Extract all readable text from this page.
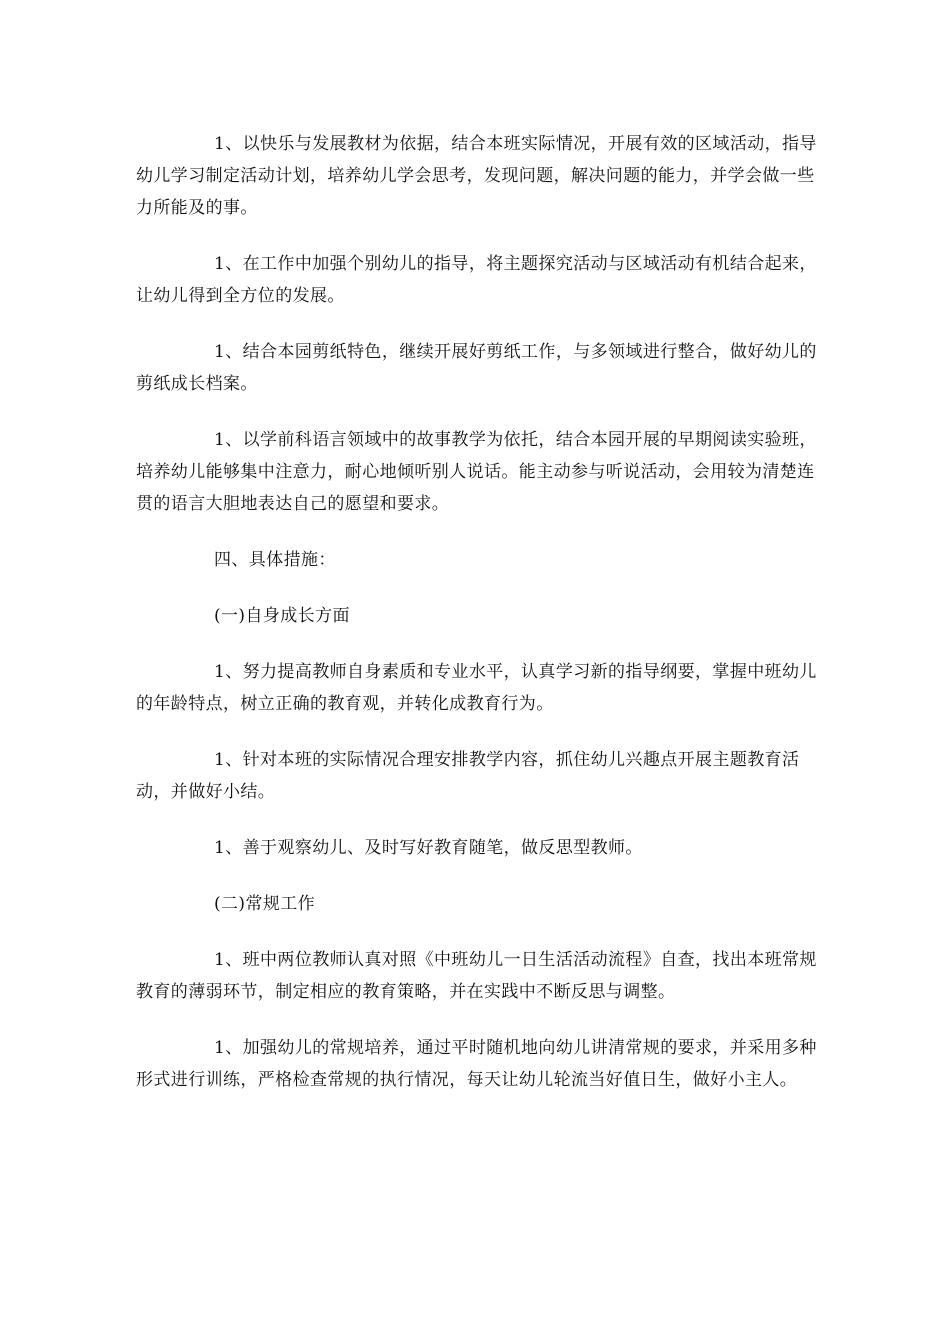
1、以快乐与发展教材为依据，结合本班实际情况，开展有效的区域活动，指导幼儿学习制定活动计划，培养幼儿学会思考，发现问题，解决问题的能力，并学会做一些力所能及的事。

1、在工作中加强个别幼儿的指导，将主题探究活动与区域活动有机结合起来，让幼儿得到全方位的发展。

1、结合本园剪纸特色，继续开展好剪纸工作，与多领域进行整合，做好幼儿的剪纸成长档案。

1、以学前科语言领域中的故事教学为依托，结合本园开展的早期阅读实验班，培养幼儿能够集中注意力，耐心地倾听别人说话。能主动参与听说活动，会用较为清楚连贯的语言大胆地表达自己的愿望和要求。

四、具体措施：

(一)自身成长方面

1、努力提高教师自身素质和专业水平，认真学习新的指导纲要，掌握中班幼儿的年龄特点，树立正确的教育观，并转化成教育行为。

1、针对本班的实际情况合理安排教学内容，抓住幼儿兴趣点开展主题教育活动，并做好小结。

1、善于观察幼儿、及时写好教育随笔，做反思型教师。

(二)常规工作

1、班中两位教师认真对照《中班幼儿一日生活活动流程》自查，找出本班常规教育的薄弱环节，制定相应的教育策略，并在实践中不断反思与调整。

1、加强幼儿的常规培养，通过平时随机地向幼儿讲清常规的要求，并采用多种形式进行训练，严格检查常规的执行情况，每天让幼儿轮流当好值日生，做好小主人。
